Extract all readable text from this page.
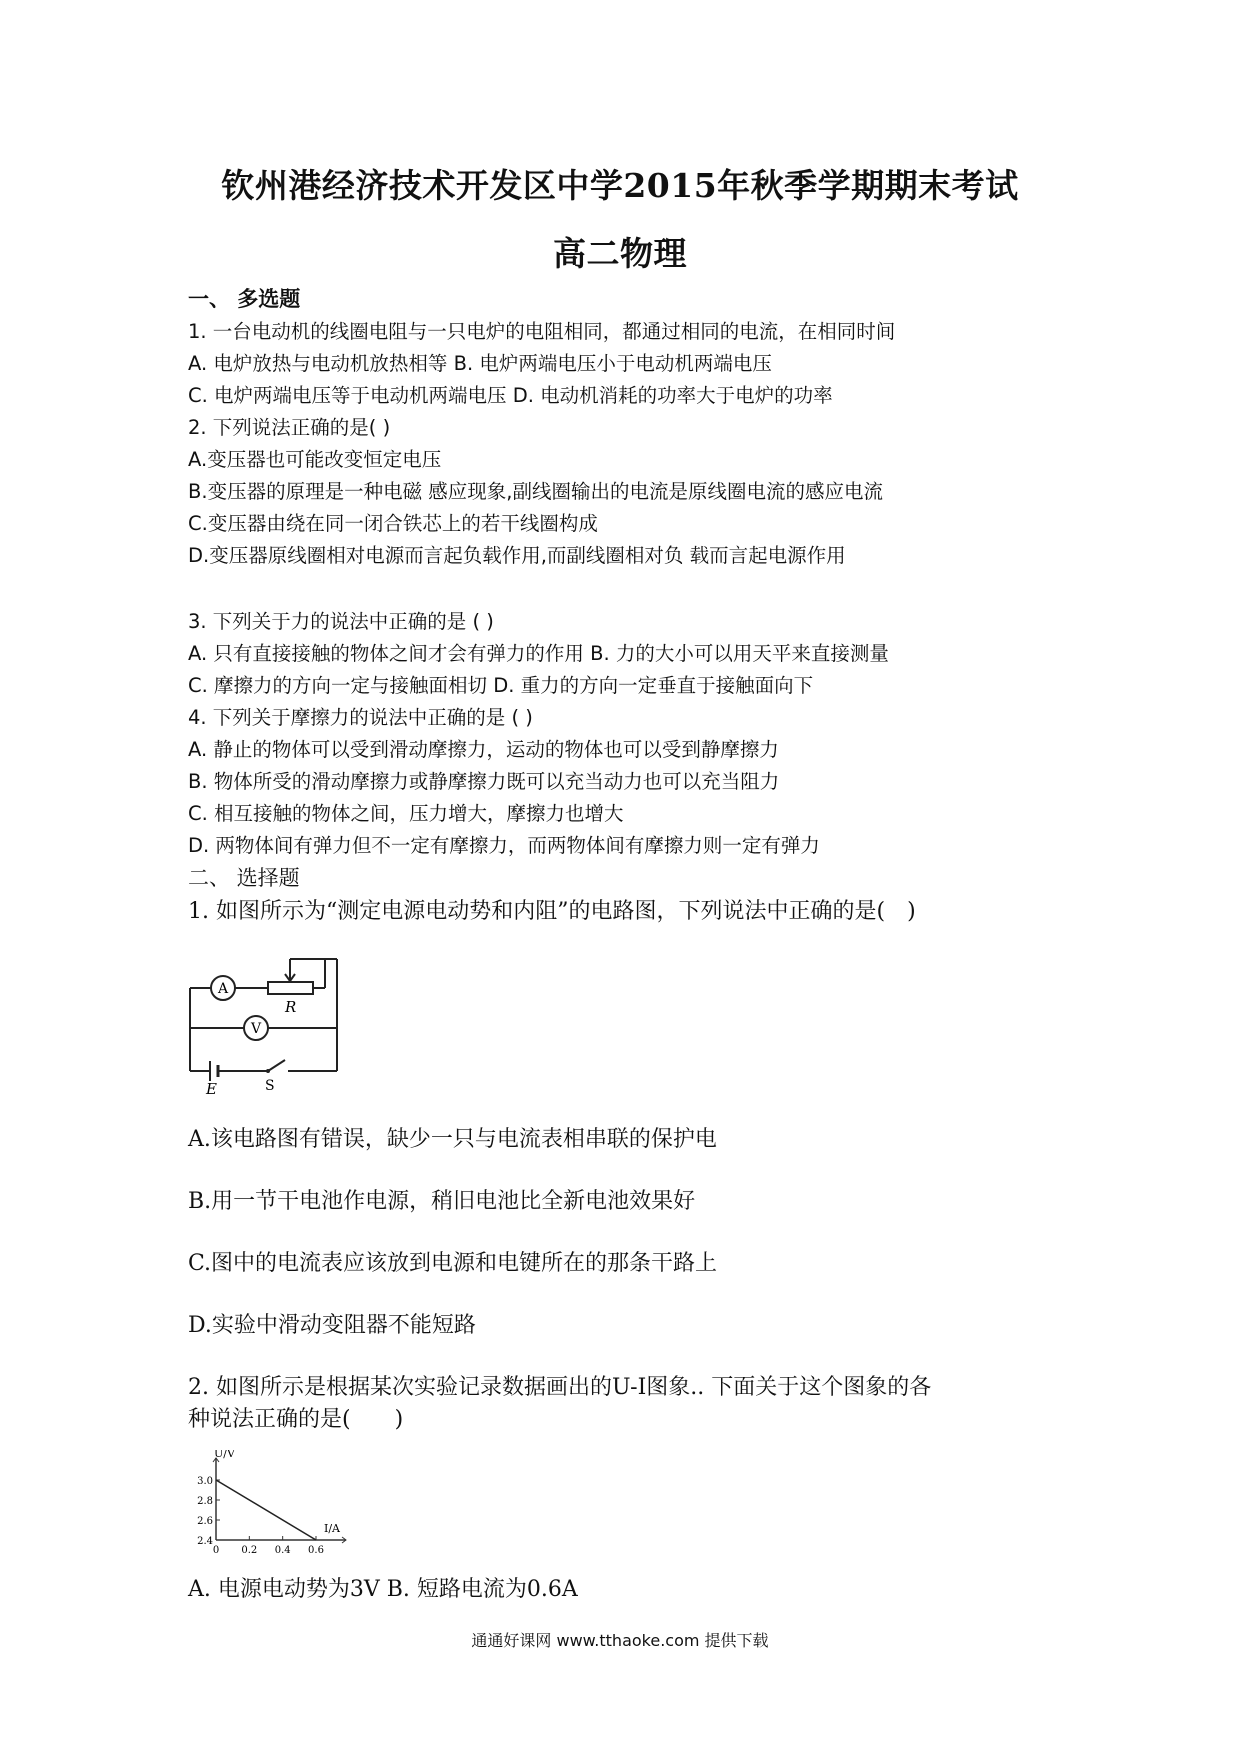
钦州港经济技术开发区中学2015年秋季学期期末考试
高二物理
一、 多选题
1. 一台电动机的线圈电阻与一只电炉的电阻相同，都通过相同的电流，在相同时间
A. 电炉放热与电动机放热相等 B. 电炉两端电压小于电动机两端电压
C. 电炉两端电压等于电动机两端电压 D. 电动机消耗的功率大于电炉的功率
2. 下列说法正确的是( )
A.变压器也可能改变恒定电压
B.变压器的原理是一种电磁 感应现象,副线圈输出的电流是原线圈电流的感应电流
C.变压器由绕在同一闭合铁芯上的若干线圈构成
D.变压器原线圈相对电源而言起负载作用,而副线圈相对负 载而言起电源作用
3. 下列关于力的说法中正确的是 ( )
A. 只有直接接触的物体之间才会有弹力的作用 B. 力的大小可以用天平来直接测量
C. 摩擦力的方向一定与接触面相切 D. 重力的方向一定垂直于接触面向下
4. 下列关于摩擦力的说法中正确的是 ( )
A. 静止的物体可以受到滑动摩擦力，运动的物体也可以受到静摩擦力
B. 物体所受的滑动摩擦力或静摩擦力既可以充当动力也可以充当阻力
C. 相互接触的物体之间，压力增大，摩擦力也增大
D. 两物体间有弹力但不一定有摩擦力，而两物体间有摩擦力则一定有弹力
二、 选择题
1. 如图所示为“测定电源电动势和内阻”的电路图，下列说法中正确的是(　)
A
V
R
E	S
A.该电路图有错误，缺少一只与电流表相串联的保护电
B.用一节干电池作电源，稍旧电池比全新电池效果好
C.图中的电流表应该放到电源和电键所在的那条干路上
D.实验中滑动变阻器不能短路
2. 如图所示是根据某次实验记录数据画出的U-I图象.. 下面关于这个图象的各
种说法正确的是(　　)
I/A
U/V
3.0
2.8
2.6
2.4
0 0.2 0.4 0.6
A. 电源电动势为3V B. 短路电流为0.6A
通通好课网 www.tthaoke.com 提供下载
